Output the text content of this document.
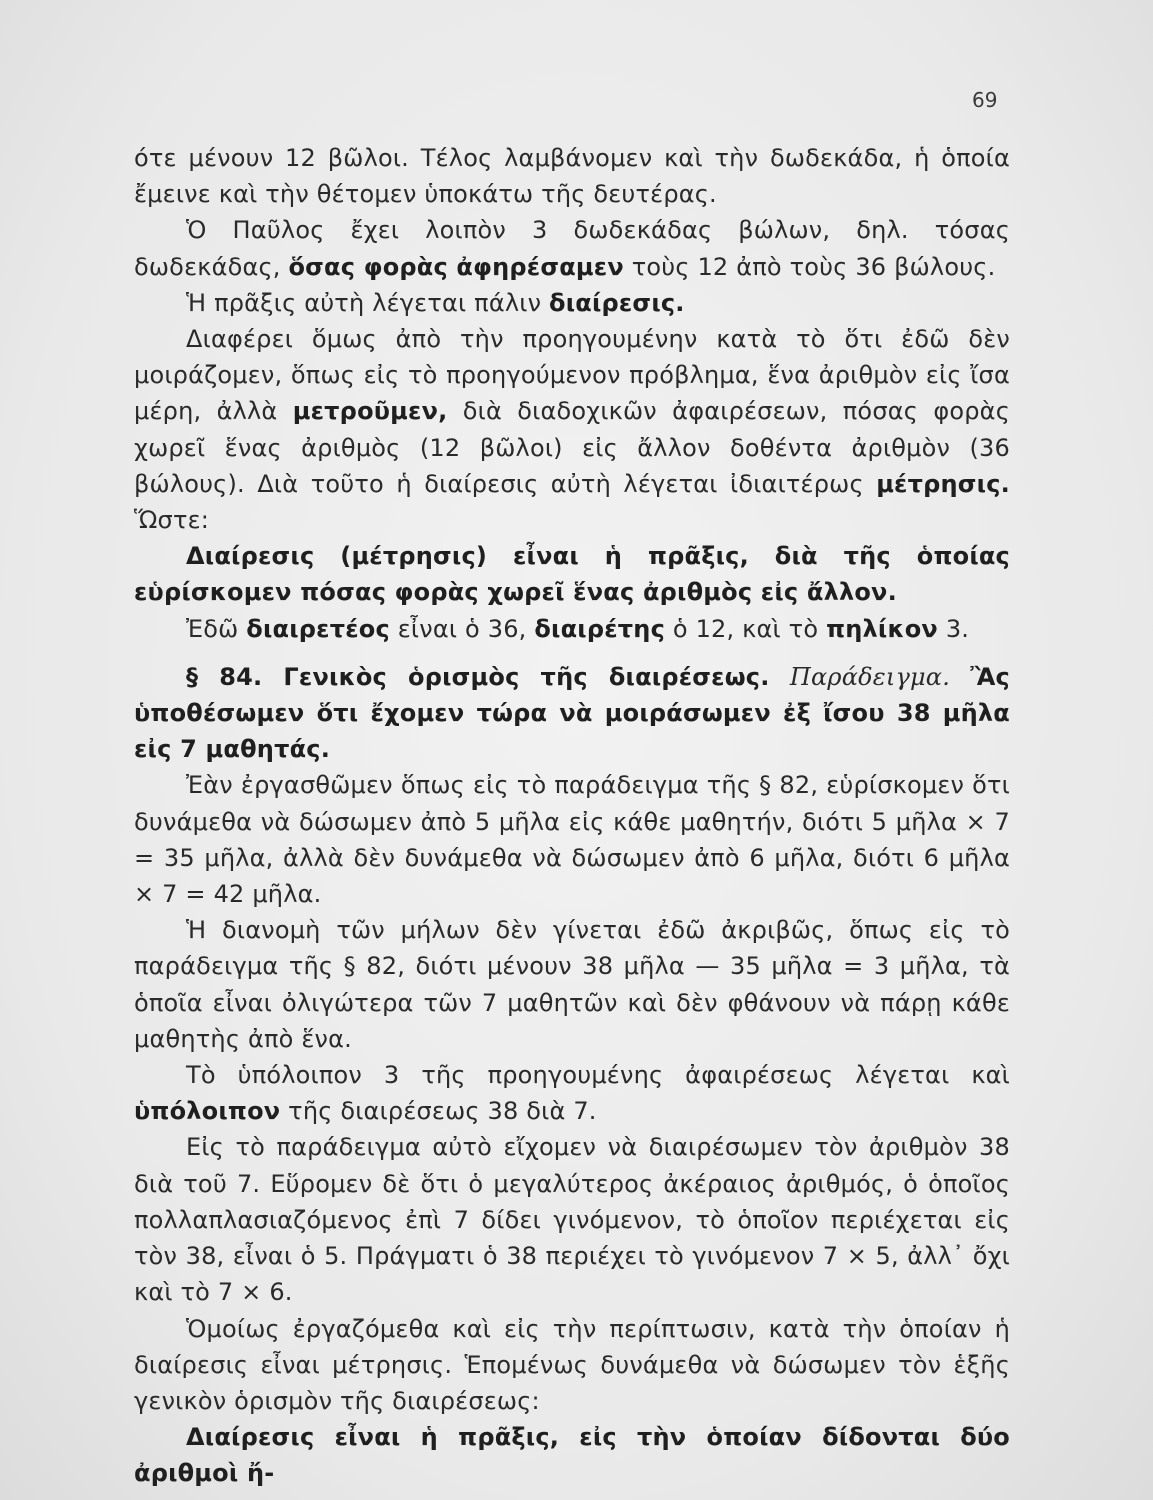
69

ότε μένουν 12 βῶλοι. Τέλος λαμβάνομεν καὶ τὴν δωδεκάδα, ἡ ὁποία ἔμεινε καὶ τὴν θέτομεν ὑποκάτω τῆς δευτέρας.

Ὁ Παῦλος ἔχει λοιπὸν 3 δωδεκάδας βώλων, δηλ. τόσας δωδεκάδας, ὅσας φορὰς ἀφηρέσαμεν τοὺς 12 ἀπὸ τοὺς 36 βώλους.

Ἡ πρᾶξις αὐτὴ λέγεται πάλιν διαίρεσις.

Διαφέρει ὅμως ἀπὸ τὴν προηγουμένην κατὰ τὸ ὅτι ἐδῶ δὲν μοιράζομεν, ὅπως εἰς τὸ προηγούμενον πρόβλημα, ἕνα ἀριθμὸν εἰς ἴσα μέρη, ἀλλὰ μετροῦμεν, διὰ διαδοχικῶν ἀφαιρέσεων, πόσας φορὰς χωρεῖ ἕνας ἀριθμὸς (12 βῶλοι) εἰς ἄλλον δοθέντα ἀριθμὸν (36 βώλους). Διὰ τοῦτο ἡ διαίρεσις αὐτὴ λέγεται ἰδιαιτέρως μέτρησις. Ὥστε:

Διαίρεσις (μέτρησις) εἶναι ἡ πρᾶξις, διὰ τῆς ὁποίας εὑρίσκομεν πόσας φορὰς χωρεῖ ἕνας ἀριθμὸς εἰς ἄλλον.

Ἐδῶ διαιρετέος εἶναι ὁ 36, διαιρέτης ὁ 12, καὶ τὸ πηλίκον 3.

§ 84. Γενικὸς ὁρισμὸς τῆς διαιρέσεως. Παράδειγμα. Ἂς ὑποθέσωμεν ὅτι ἔχομεν τώρα νὰ μοιράσωμεν ἐξ ἴσου 38 μῆλα εἰς 7 μαθητάς.

Ἐὰν ἐργασθῶμεν ὅπως εἰς τὸ παράδειγμα τῆς § 82, εὑρίσκομεν ὅτι δυνάμεθα νὰ δώσωμεν ἀπὸ 5 μῆλα εἰς κάθε μαθητήν, διότι 5 μῆλα × 7 = 35 μῆλα, ἀλλὰ δὲν δυνάμεθα νὰ δώσωμεν ἀπὸ 6 μῆλα, διότι 6 μῆλα × 7 = 42 μῆλα.

Ἡ διανομὴ τῶν μήλων δὲν γίνεται ἐδῶ ἀκριβῶς, ὅπως εἰς τὸ παράδειγμα τῆς § 82, διότι μένουν 38 μῆλα — 35 μῆλα = 3 μῆλα, τὰ ὁποῖα εἶναι ὀλιγώτερα τῶν 7 μαθητῶν καὶ δὲν φθάνουν νὰ πάρῃ κάθε μαθητὴς ἀπὸ ἕνα.

Τὸ ὑπόλοιπον 3 τῆς προηγουμένης ἀφαιρέσεως λέγεται καὶ ὑπόλοιπον τῆς διαιρέσεως 38 διὰ 7.

Εἰς τὸ παράδειγμα αὐτὸ εἴχομεν νὰ διαιρέσωμεν τὸν ἀριθμὸν 38 διὰ τοῦ 7. Εὕρομεν δὲ ὅτι ὁ μεγαλύτερος ἀκέραιος ἀριθμός, ὁ ὁποῖος πολλαπλασιαζόμενος ἐπὶ 7 δίδει γινόμενον, τὸ ὁποῖον περιέχεται εἰς τὸν 38, εἶναι ὁ 5. Πράγματι ὁ 38 περιέχει τὸ γινόμενον 7 × 5, ἀλλ᾽ ὄχι καὶ τὸ 7 × 6.

Ὁμοίως ἐργαζόμεθα καὶ εἰς τὴν περίπτωσιν, κατὰ τὴν ὁποίαν ἡ διαίρεσις εἶναι μέτρησις. Ἑπομένως δυνάμεθα νὰ δώσωμεν τὸν ἑξῆς γενικὸν ὁρισμὸν τῆς διαιρέσεως:

Διαίρεσις εἶναι ἡ πρᾶξις, εἰς τὴν ὁποίαν δίδονται δύο ἀριθμοὶ ἤ-
